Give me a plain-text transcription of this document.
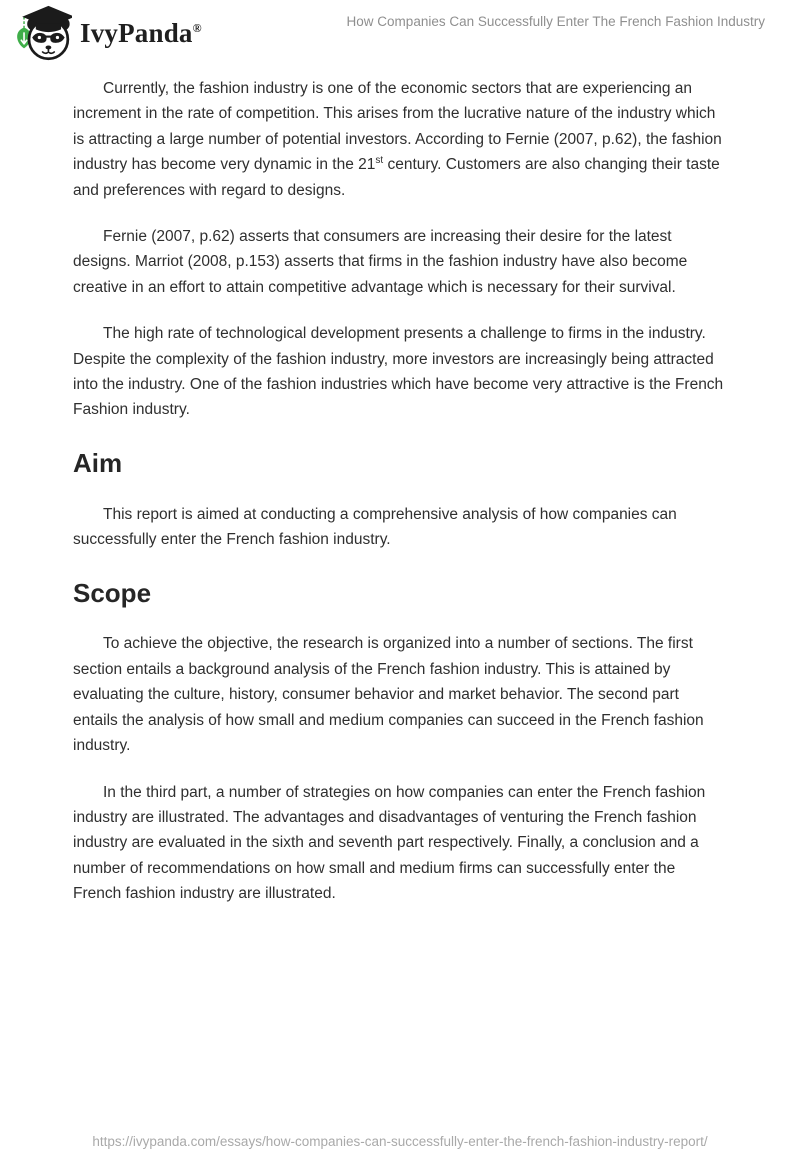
IvyPanda®	How Companies Can Successfully Enter The French Fashion Industry

Currently, the fashion industry is one of the economic sectors that are experiencing an increment in the rate of competition. This arises from the lucrative nature of the industry which is attracting a large number of potential investors. According to Fernie (2007, p.62), the fashion industry has become very dynamic in the 21st century. Customers are also changing their taste and preferences with regard to designs.

Fernie (2007, p.62) asserts that consumers are increasing their desire for the latest designs. Marriot (2008, p.153) asserts that firms in the fashion industry have also become creative in an effort to attain competitive advantage which is necessary for their survival.

The high rate of technological development presents a challenge to firms in the industry. Despite the complexity of the fashion industry, more investors are increasingly being attracted into the industry. One of the fashion industries which have become very attractive is the French Fashion industry.

Aim

This report is aimed at conducting a comprehensive analysis of how companies can successfully enter the French fashion industry.

Scope

To achieve the objective, the research is organized into a number of sections. The first section entails a background analysis of the French fashion industry. This is attained by evaluating the culture, history, consumer behavior and market behavior. The second part entails the analysis of how small and medium companies can succeed in the French fashion industry.

In the third part, a number of strategies on how companies can enter the French fashion industry are illustrated. The advantages and disadvantages of venturing the French fashion industry are evaluated in the sixth and seventh part respectively. Finally, a conclusion and a number of recommendations on how small and medium firms can successfully enter the French fashion industry are illustrated.

https://ivypanda.com/essays/how-companies-can-successfully-enter-the-french-fashion-industry-report/
